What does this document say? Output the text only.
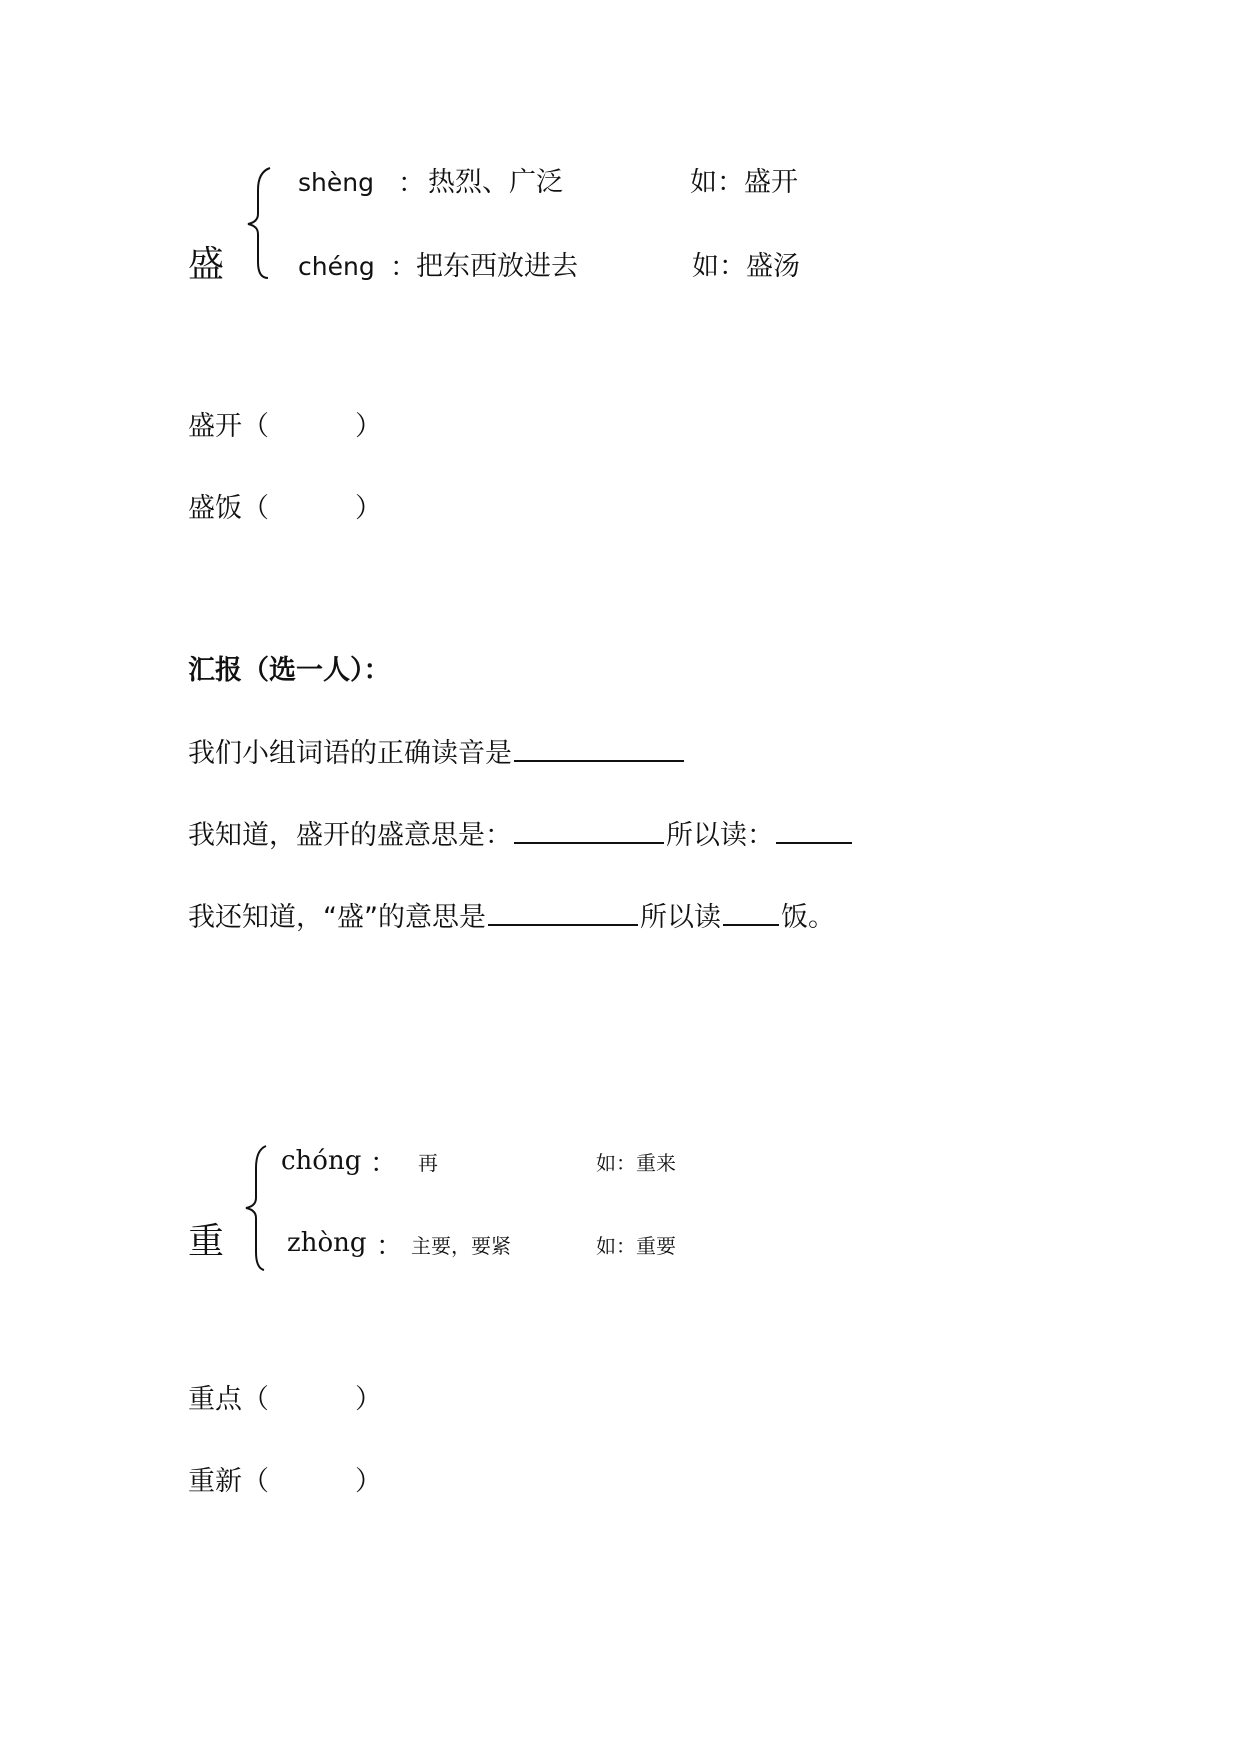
盛
shèng ： 热烈、广泛	如：盛开
chéng ： 把东西放进去	如：盛汤
盛开（	）
盛饭（	）
汇报（选一人）：
我们小组词语的正确读音是
我知道，盛开的盛意思是：	所以读：
我还知道，“盛”的意思是	所以读 饭。
重
chóng ： 再	如：重来
zhòng ： 主要，要紧	如：重要
重点（	）
重新（	）
